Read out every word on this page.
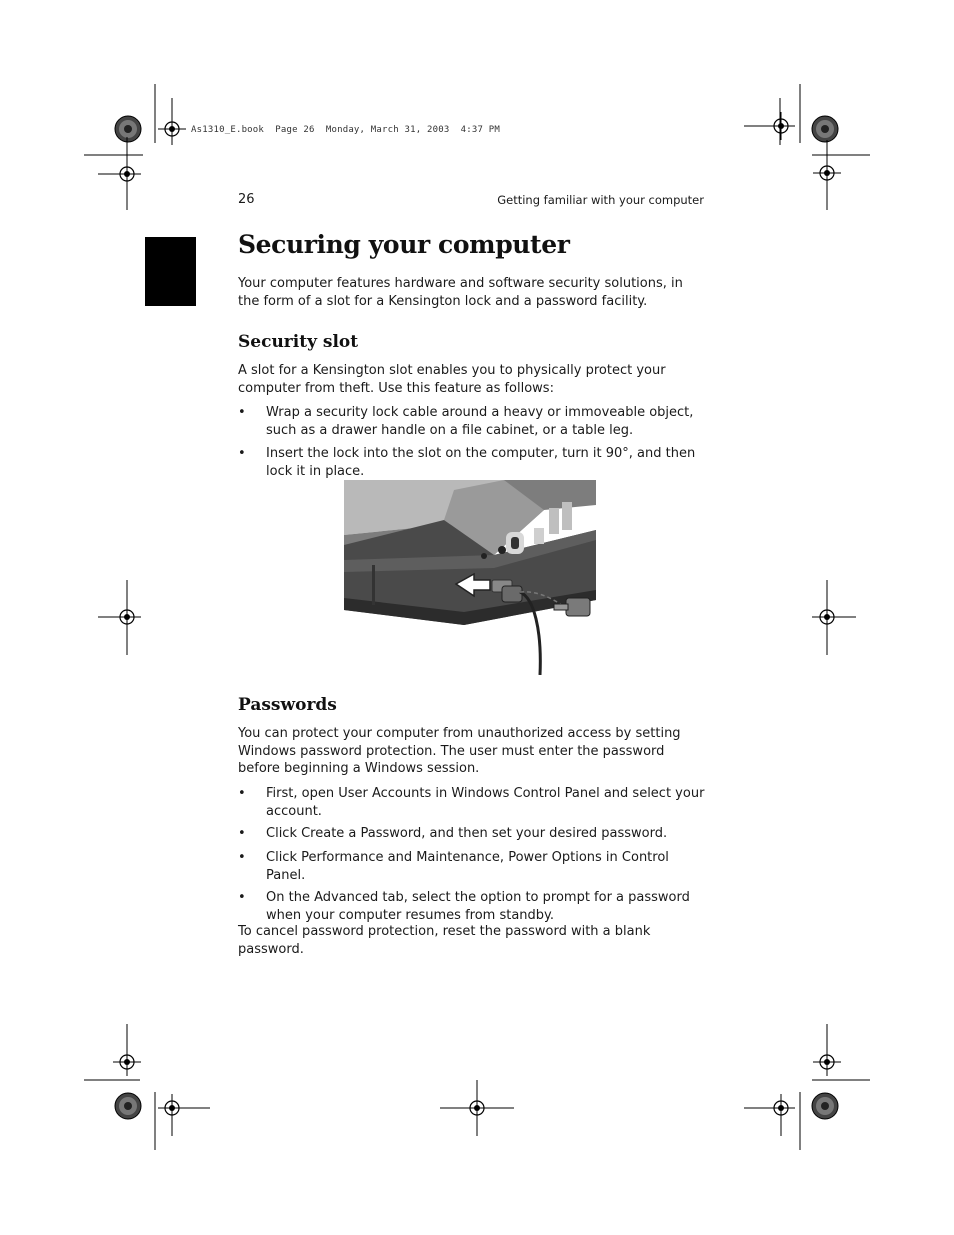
As1310_E.book  Page 26  Monday, March 31, 2003  4:37 PM
26	Getting familiar with your computer
Securing your computer

Your computer features hardware and software security solutions, in the form of a slot for a Kensington lock and a password facility.

Security slot

A slot for a Kensington slot enables you to physically protect your computer from theft. Use this feature as follows:

•	Wrap a security lock cable around a heavy or immoveable object, such as a drawer handle on a file cabinet, or a table leg.
•	Insert the lock into the slot on the computer, turn it 90°, and then lock it in place.
Passwords

You can protect your computer from unauthorized access by setting Windows password protection. The user must enter the password before beginning a Windows session.

•	First, open User Accounts in Windows Control Panel and select your account.
•	Click Create a Password, and then set your desired password.
•	Click Performance and Maintenance, Power Options in Control Panel.
•	On the Advanced tab, select the option to prompt for a password when your computer resumes from standby.

To cancel password protection, reset the password with a blank password.
